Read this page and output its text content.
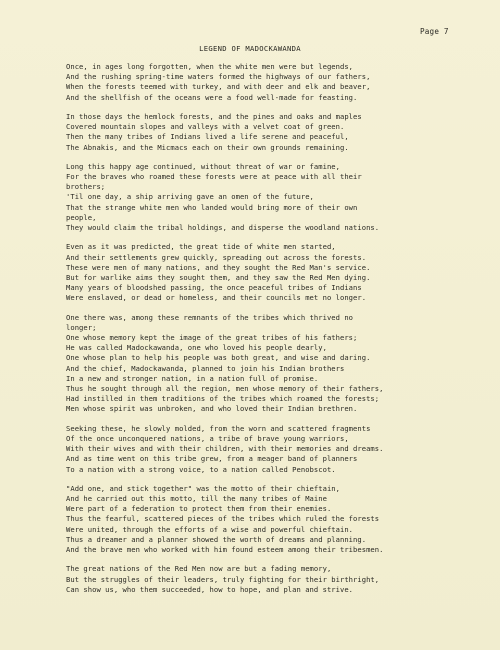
Page 7
LEGEND OF MADOCKAWANDA
Once, in ages long forgotten, when the white men were but legends,
And the rushing spring-time waters formed the highways of our fathers,
When the forests teemed with turkey, and with deer and elk and beaver,
And the shellfish of the oceans were a food well-made for feasting.
In those days the hemlock forests, and the pines and oaks and maples
Covered mountain slopes and valleys with a velvet coat of green.
Then the many tribes of Indians lived a life serene and peaceful,
The Abnakis, and the Micmacs each on their own grounds remaining.
Long this happy age continued, without threat of war or famine,
For the braves who roamed these forests were at peace with all their
brothers;
'Til one day, a ship arriving gave an omen of the future,
That the strange white men who landed would bring more of their own
people,
They would claim the tribal holdings, and disperse the woodland nations.
Even as it was predicted, the great tide of white men started,
And their settlements grew quickly, spreading out across the forests.
These were men of many nations, and they sought the Red Man's service.
But for warlike aims they sought them, and they saw the Red Men dying.
Many years of bloodshed passing, the once peaceful tribes of Indians
Were enslaved, or dead or homeless, and their councils met no longer.
One there was, among these remnants of the tribes which thrived no
longer;
One whose memory kept the image of the great tribes of his fathers;
He was called Madockawanda, one who loved his people dearly,
One whose plan to help his people was both great, and wise and daring.
And the chief, Madockawanda, planned to join his Indian brothers
In a new and stronger nation, in a nation full of promise.
Thus he sought through all the region, men whose memory of their fathers,
Had instilled in them traditions of the tribes which roamed the forests;
Men whose spirit was unbroken, and who loved their Indian brethren.
Seeking these, he slowly molded, from the worn and scattered fragments
Of the once unconquered nations, a tribe of brave young warriors,
With their wives and with their children, with their memories and dreams.
And as time went on this tribe grew, from a meager band of planners
To a nation with a strong voice, to a nation called Penobscot.
"Add one, and stick together" was the motto of their chieftain,
And he carried out this motto, till the many tribes of Maine
Were part of a federation to protect them from their enemies.
Thus the fearful, scattered pieces of the tribes which ruled the forests
Were united, through the efforts of a wise and powerful chieftain.
Thus a dreamer and a planner showed the worth of dreams and planning.
And the brave men who worked with him found esteem among their tribesmen.
The great nations of the Red Men now are but a fading memory,
But the struggles of their leaders, truly fighting for their birthright,
Can show us, who them succeeded, how to hope, and plan and strive.
